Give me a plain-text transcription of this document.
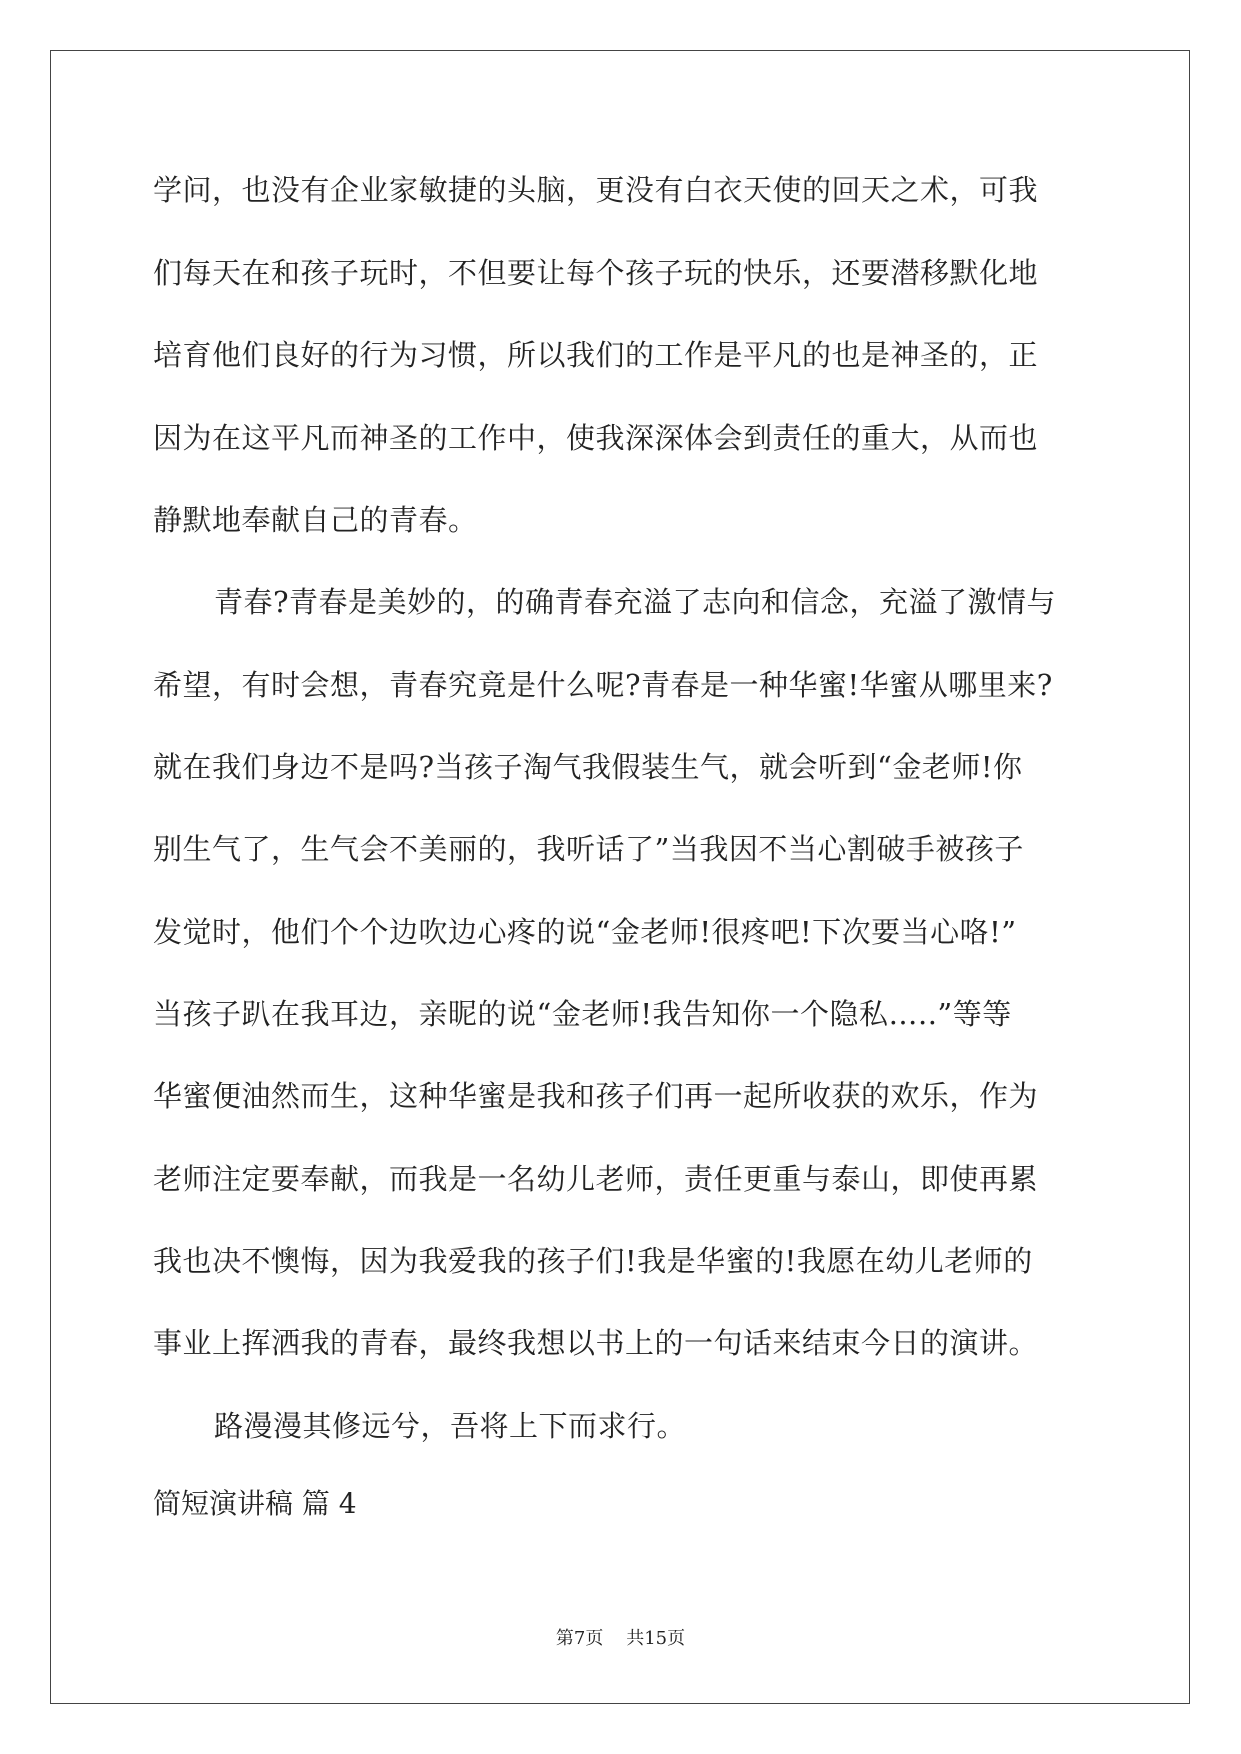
学问，也没有企业家敏捷的头脑，更没有白衣天使的回天之术，可我
们每天在和孩子玩时，不但要让每个孩子玩的快乐，还要潜移默化地
培育他们良好的行为习惯，所以我们的工作是平凡的也是神圣的，正
因为在这平凡而神圣的工作中，使我深深体会到责任的重大，从而也
静默地奉献自己的青春。
青春?青春是美妙的，的确青春充溢了志向和信念，充溢了激情与
希望，有时会想，青春究竟是什么呢?青春是一种华蜜!华蜜从哪里来?
就在我们身边不是吗?当孩子淘气我假装生气，就会听到“金老师!你
别生气了，生气会不美丽的，我听话了”当我因不当心割破手被孩子
发觉时，他们个个边吹边心疼的说“金老师!很疼吧!下次要当心咯!”
当孩子趴在我耳边，亲昵的说“金老师!我告知你一个隐私…..”等等
华蜜便油然而生，这种华蜜是我和孩子们再一起所收获的欢乐，作为
老师注定要奉献，而我是一名幼儿老师，责任更重与泰山，即使再累
我也决不懊悔，因为我爱我的孩子们!我是华蜜的!我愿在幼儿老师的
事业上挥洒我的青春，最终我想以书上的一句话来结束今日的演讲。
路漫漫其修远兮，吾将上下而求行。
简短演讲稿 篇 4
第7页 共15页
